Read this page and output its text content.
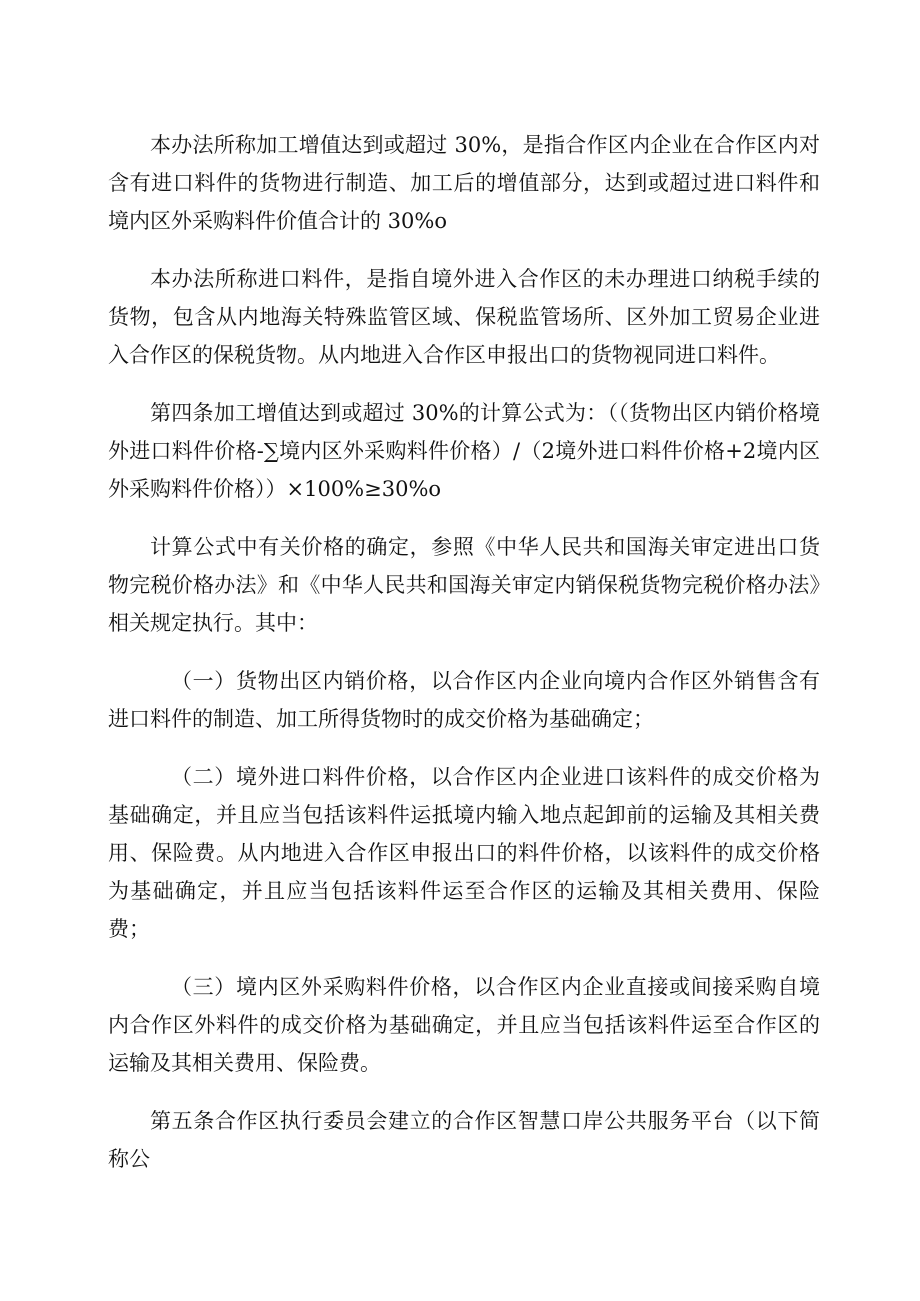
本办法所称加工增值达到或超过 30%，是指合作区内企业在合作区内对含有进口料件的货物进行制造、加工后的增值部分，达到或超过进口料件和境内区外采购料件价值合计的 30%o

本办法所称进口料件，是指自境外进入合作区的未办理进口纳税手续的货物，包含从内地海关特殊监管区域、保税监管场所、区外加工贸易企业进入合作区的保税货物。从内地进入合作区申报出口的货物视同进口料件。

第四条加工增值达到或超过 30%的计算公式为：（（货物出区内销价格境外进口料件价格-∑境内区外采购料件价格）/（2境外进口料件价格+2境内区外采购料件价格））×100%≥30%o

计算公式中有关价格的确定，参照《中华人民共和国海关审定进出口货物完税价格办法》和《中华人民共和国海关审定内销保税货物完税价格办法》相关规定执行。其中：

（一）货物出区内销价格，以合作区内企业向境内合作区外销售含有进口料件的制造、加工所得货物时的成交价格为基础确定；

（二）境外进口料件价格，以合作区内企业进口该料件的成交价格为基础确定，并且应当包括该料件运抵境内输入地点起卸前的运输及其相关费用、保险费。从内地进入合作区申报出口的料件价格，以该料件的成交价格为基础确定，并且应当包括该料件运至合作区的运输及其相关费用、保险费；

（三）境内区外采购料件价格，以合作区内企业直接或间接采购自境内合作区外料件的成交价格为基础确定，并且应当包括该料件运至合作区的运输及其相关费用、保险费。

第五条合作区执行委员会建立的合作区智慧口岸公共服务平台（以下简称公
